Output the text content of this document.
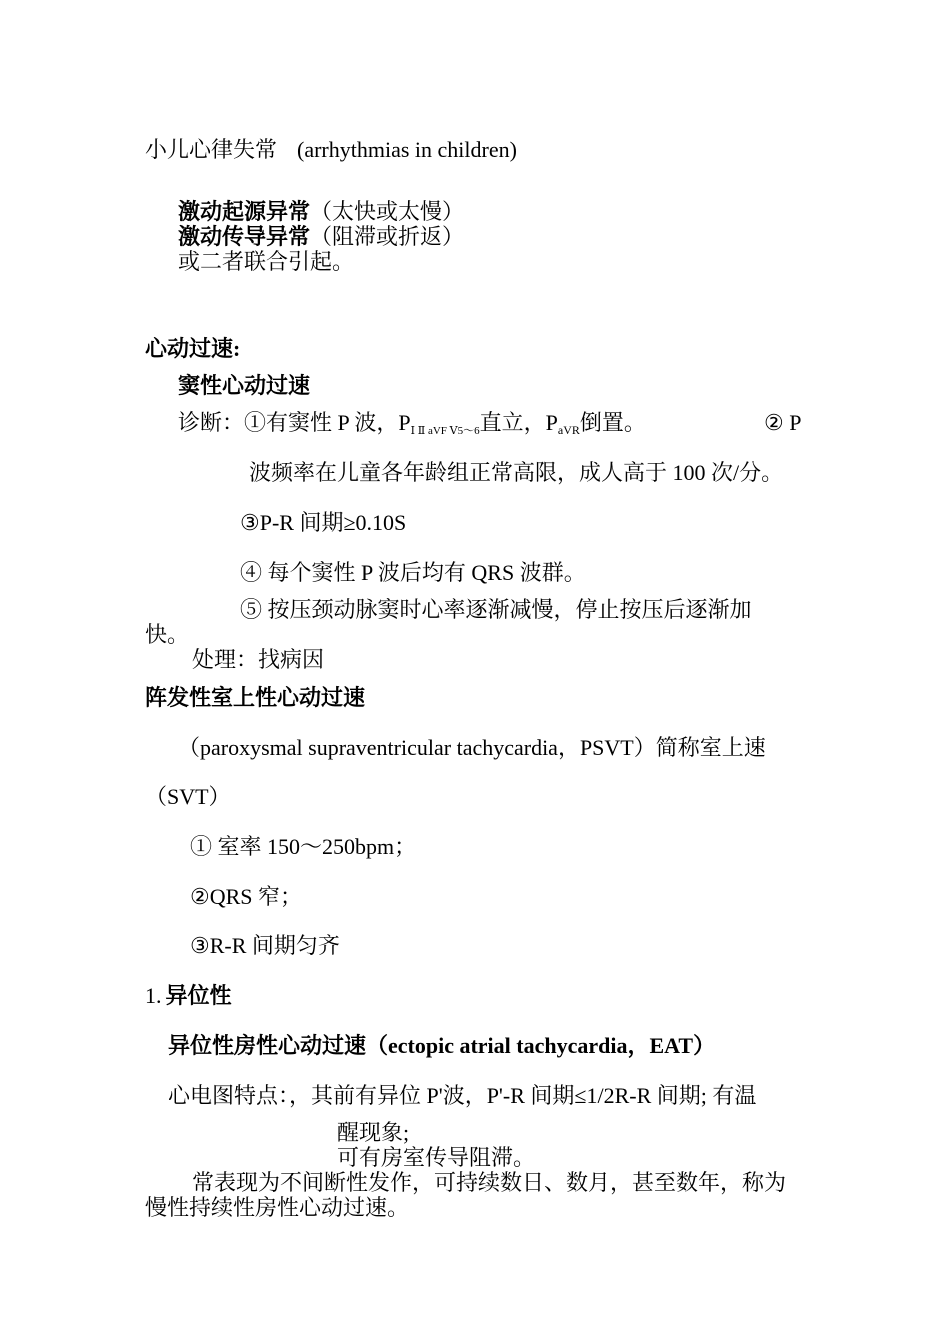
小儿心律失常 (arrhythmias in children)
激动起源异常（太快或太慢）
激动传导异常（阻滞或折返）
或二者联合引起。
心动过速:
窦性心动过速
诊断：①有窦性 P 波，PⅠ Ⅱ aVF Ⅴ5～6直立，PaVR倒置。	② P
波频率在儿童各年龄组正常高限，成人高于 100 次/分。
③P-R 间期≥0.10S
④ 每个窦性 P 波后均有 QRS 波群。
⑤ 按压颈动脉窦时心率逐渐减慢，停止按压后逐渐加
快。
处理：找病因
阵发性室上性心动过速
（paroxysmal supraventricular tachycardia，PSVT）简称室上速
（SVT）
① 室率 150～250bpm；
②QRS 窄；
③R-R 间期匀齐
1. 异位性
异位性房性心动过速（ectopic atrial tachycardia，EAT）
心电图特点：，其前有异位 P'波，P'-R 间期≤1/2R-R 间期; 有温
醒现象;
可有房室传导阻滞。
常表现为不间断性发作，可持续数日、数月，甚至数年，称为
慢性持续性房性心动过速。
